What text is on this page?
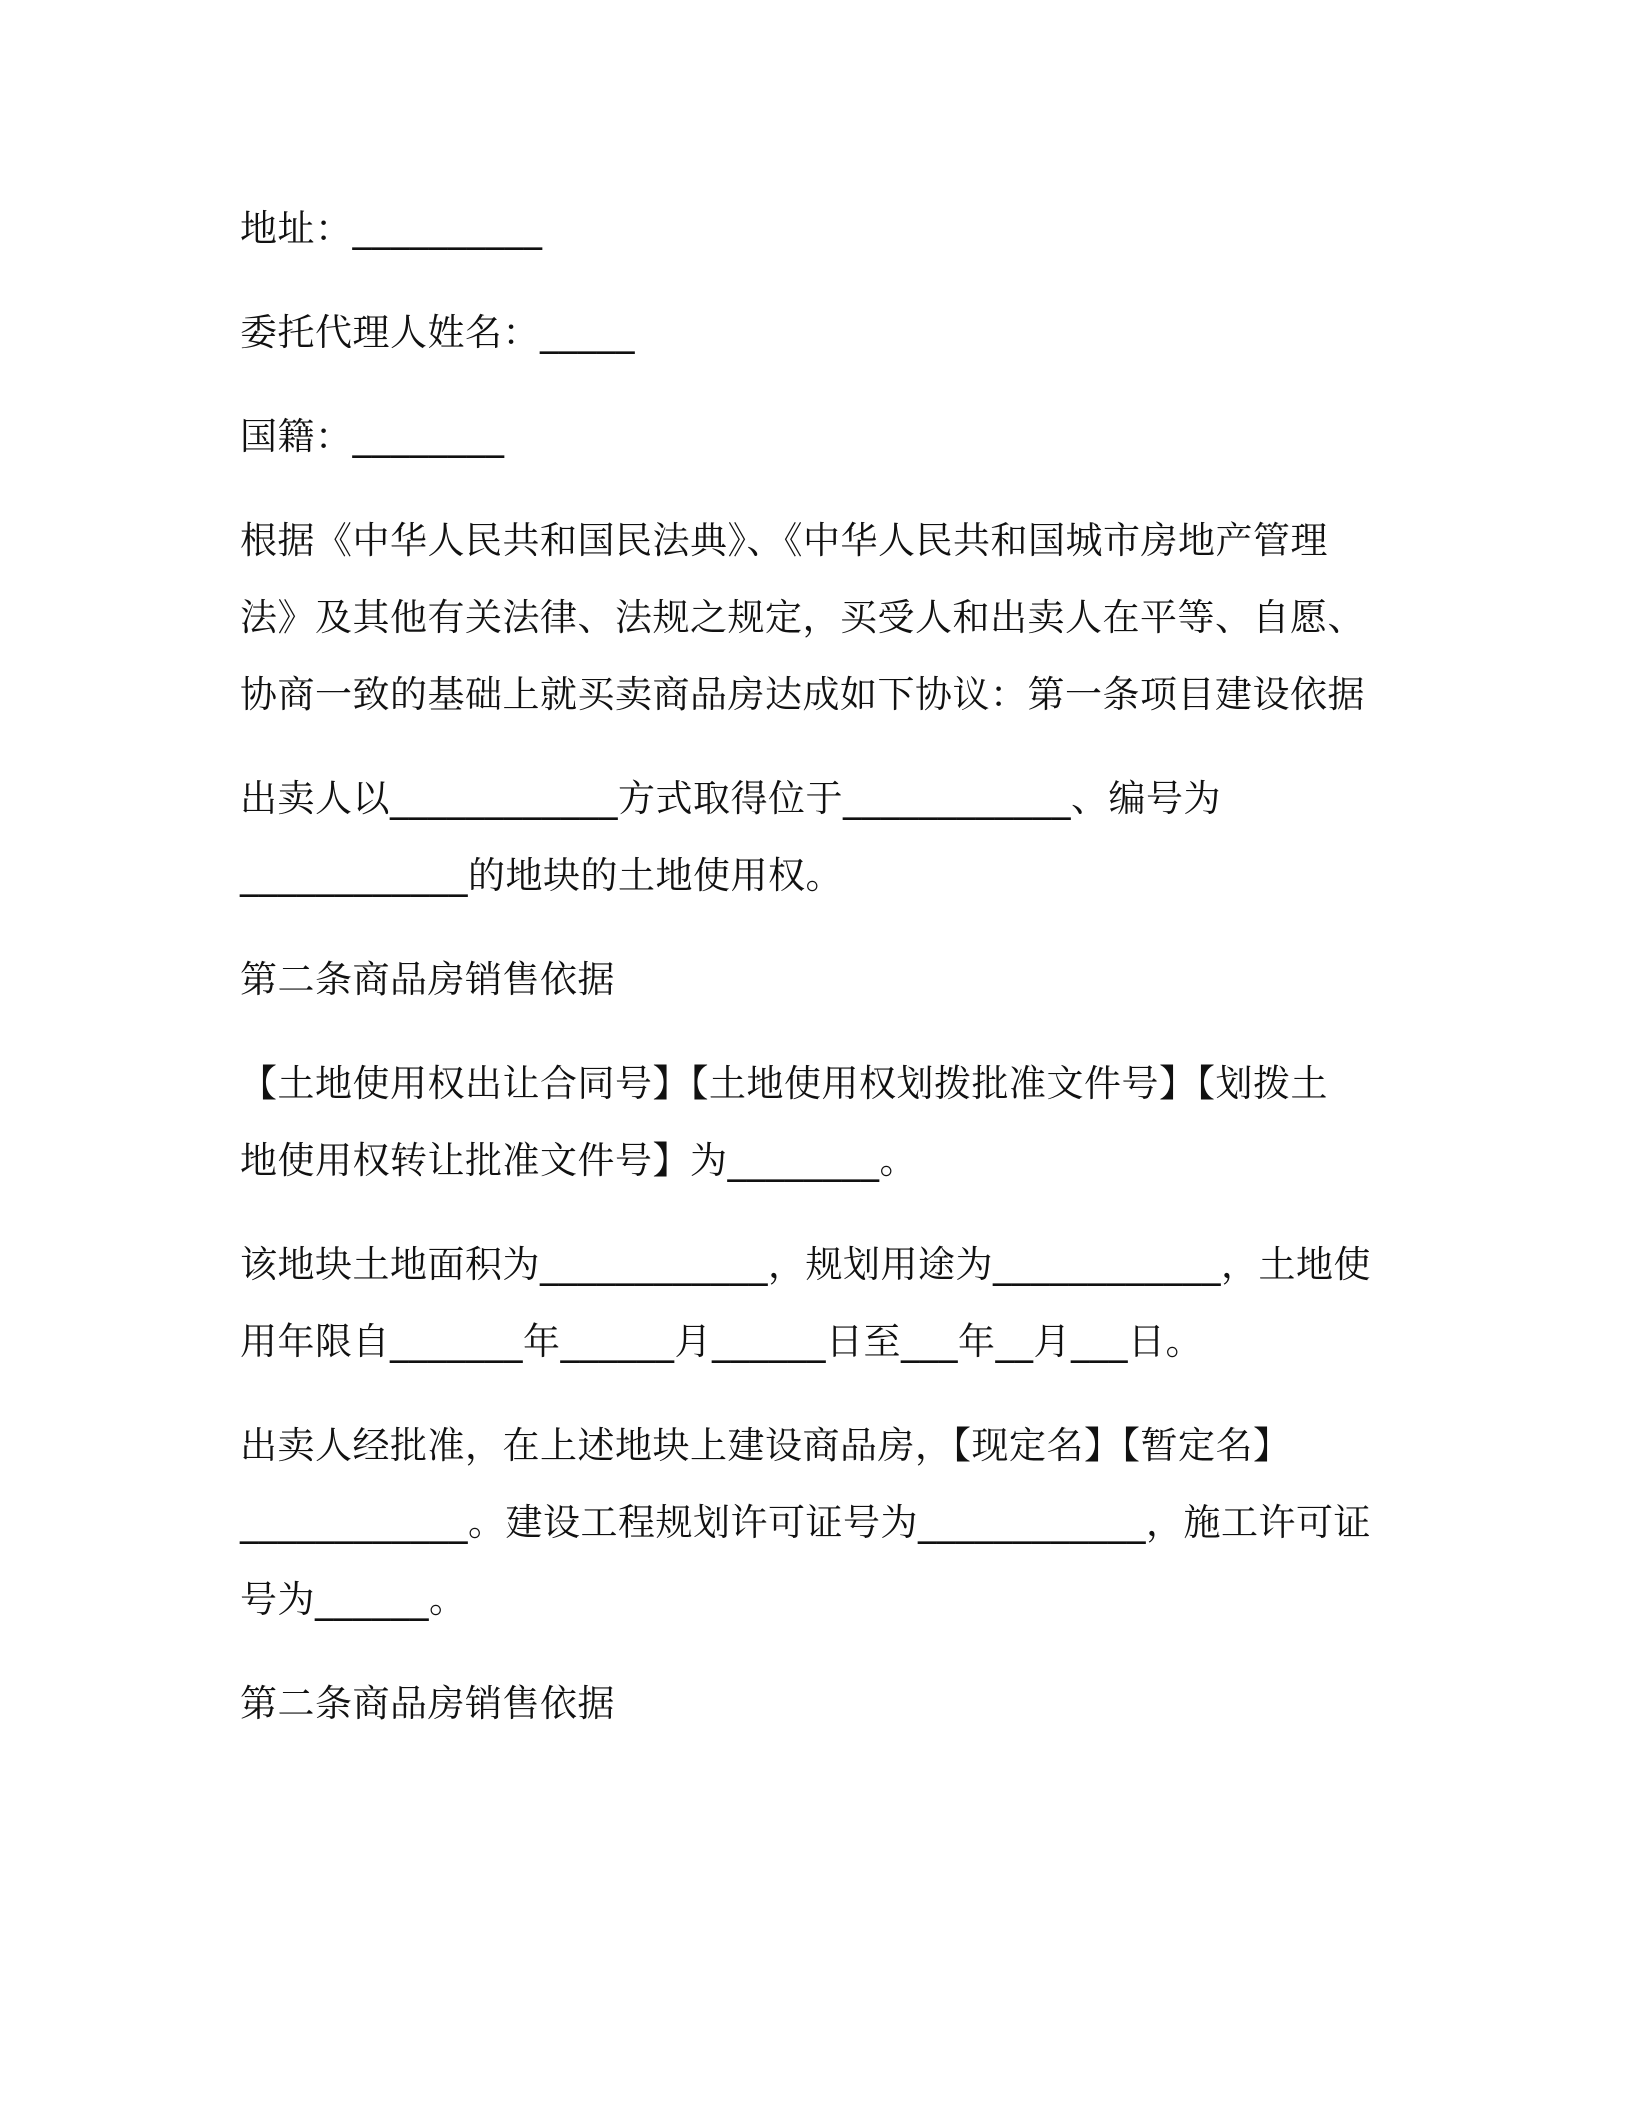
地址：__________

委托代理人姓名：_____

国籍：________

根据《中华人民共和国民法典》、《中华人民共和国城市房地产管理
法》及其他有关法律、法规之规定，买受人和出卖人在平等、自愿、
协商一致的基础上就买卖商品房达成如下协议：第一条项目建设依据

出卖人以____________方式取得位于____________、编号为
____________的地块的土地使用权。

第二条商品房销售依据

【土地使用权出让合同号】【土地使用权划拨批准文件号】【划拨土
地使用权转让批准文件号】为________。

该地块土地面积为____________，规划用途为____________，土地使
用年限自_______年______月______日至___年__月___日。

出卖人经批准，在上述地块上建设商品房，【现定名】【暂定名】
____________。建设工程规划许可证号为____________，施工许可证
号为______。

第二条商品房销售依据
